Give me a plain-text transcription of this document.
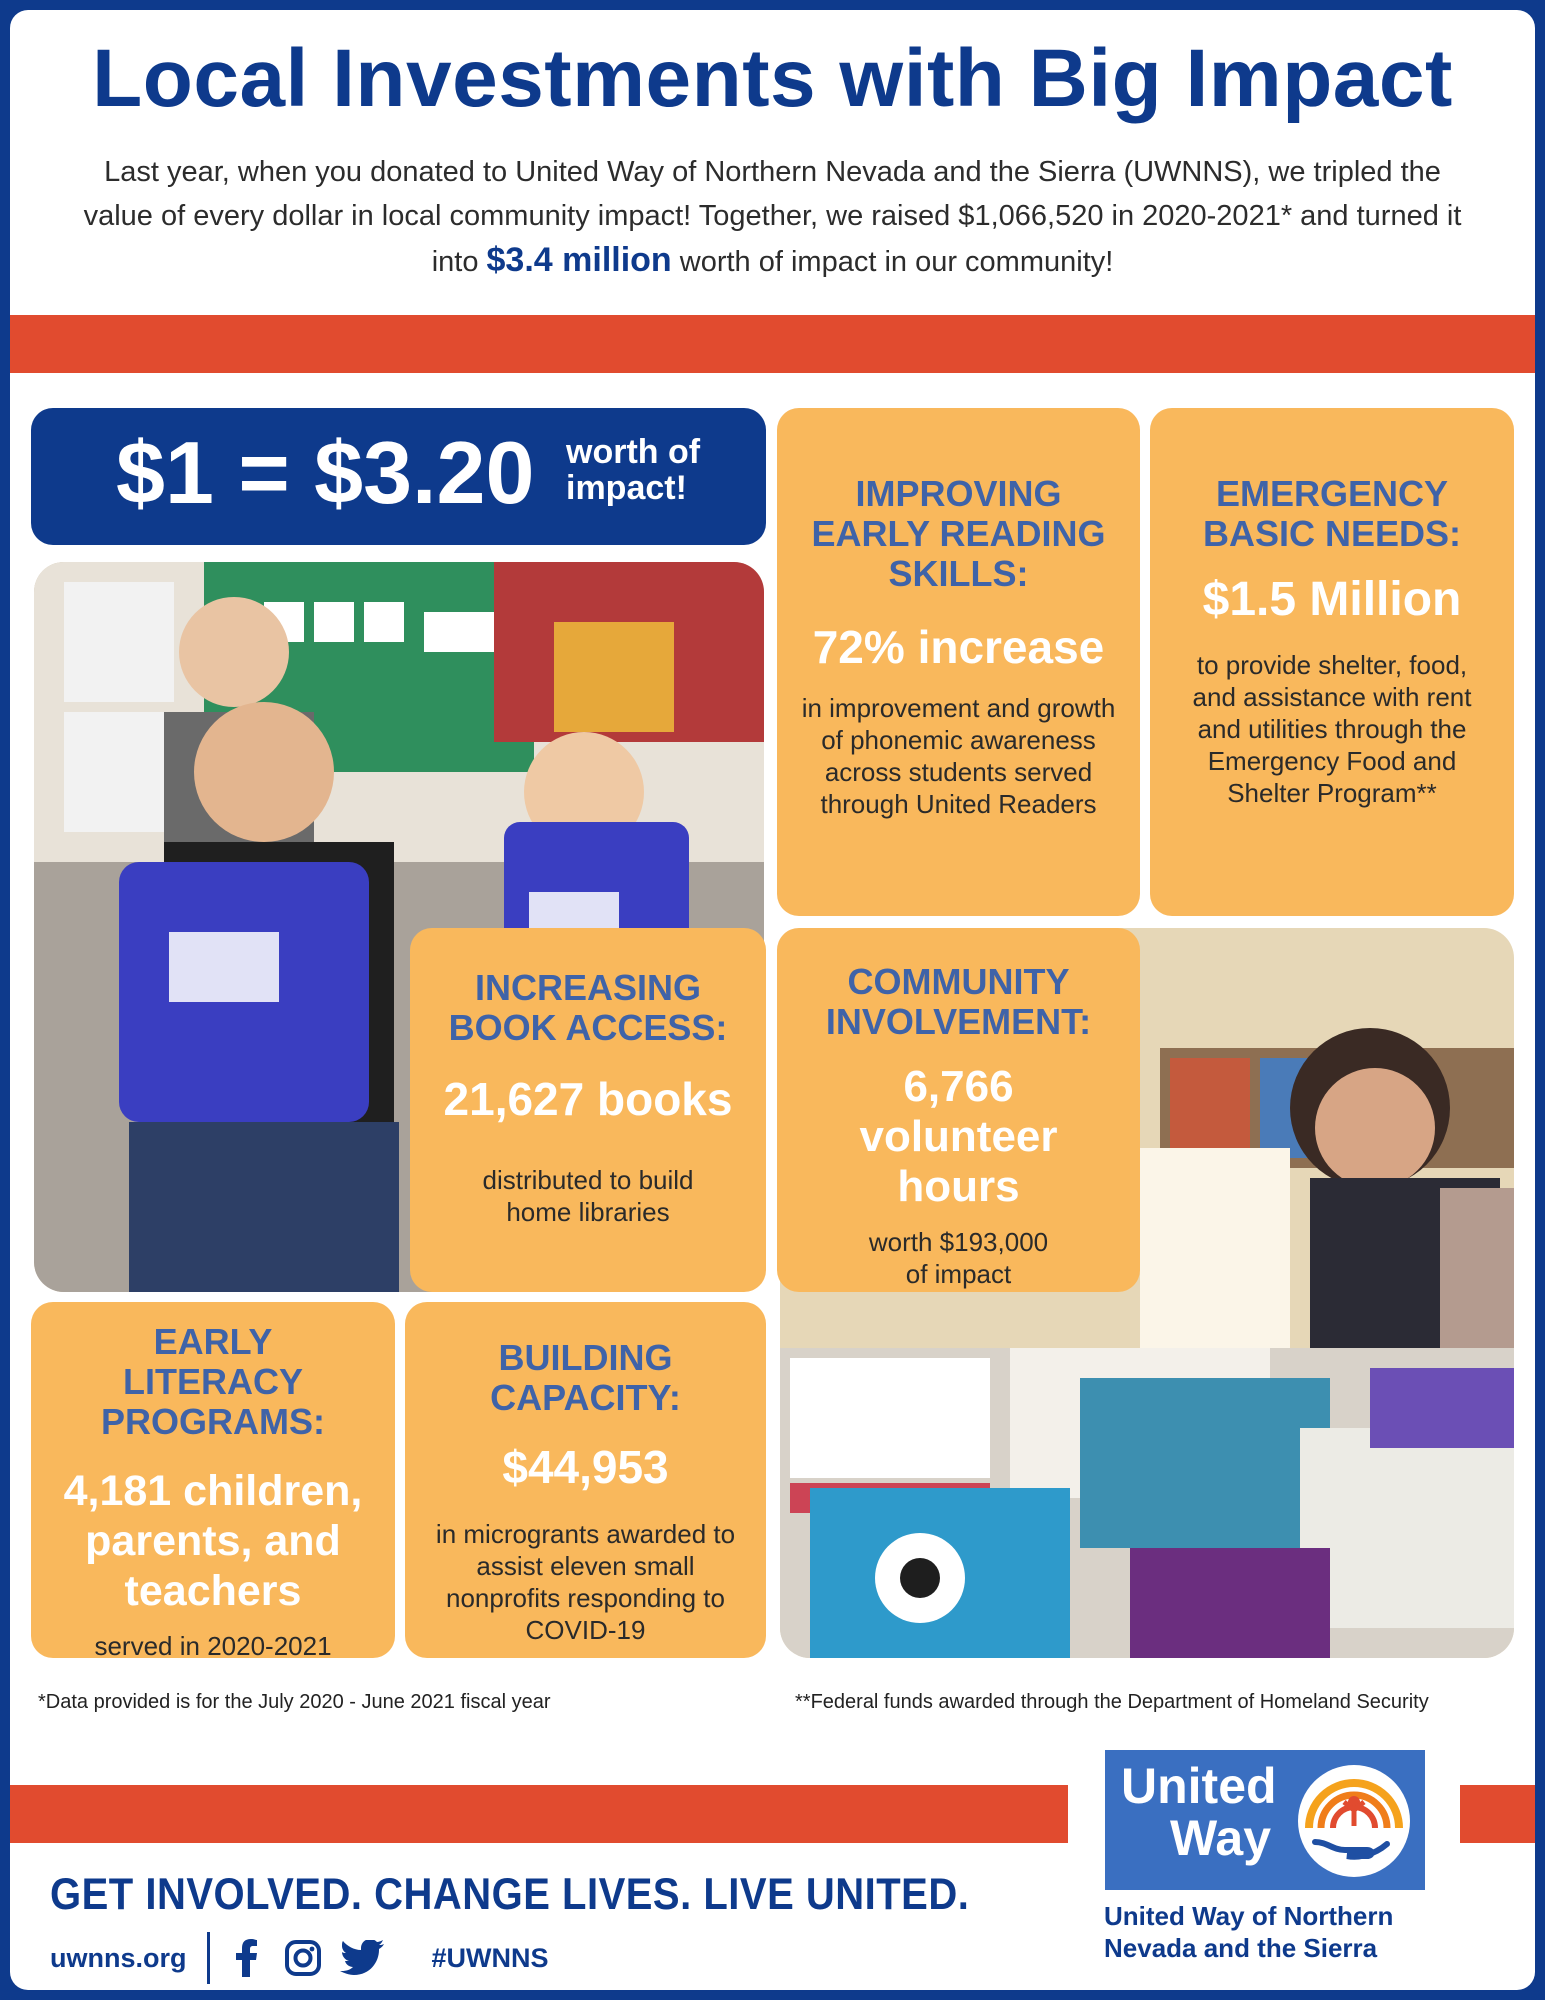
Local Investments with Big Impact
Last year, when you donated to United Way of Northern Nevada and the Sierra (UWNNS), we tripled the value of every dollar in local community impact! Together, we raised $1,066,520 in 2020-2021* and turned it into $3.4 million worth of impact in our community!
$1 = $3.20 worth of
impact!	IMPROVING EARLY READING SKILLS:
72% increase
in improvement and growth of phonemic awareness across students served through United Readers
EMERGENCY BASIC NEEDS:
$1.5 Million
to provide shelter, food, and assistance with rent and utilities through the Emergency Food and Shelter Program**
INCREASING BOOK ACCESS:
21,627 books
distributed to build home libraries
COMMUNITY INVOLVEMENT:
6,766 volunteer hours
worth $193,000 of impact
EARLY LITERACY PROGRAMS:
4,181 children, parents, and teachers
served in 2020-2021
BUILDING CAPACITY:
$44,953
in microgrants awarded to assist eleven small nonprofits responding to COVID-19
*Data provided is for the July 2020 - June 2021 fiscal year	**Federal funds awarded through the Department of Homeland Security
GET INVOLVED. CHANGE LIVES. LIVE UNITED.
uwnns.org	#UWNNS
United
Way
United Way of Northern
Nevada and the Sierra
